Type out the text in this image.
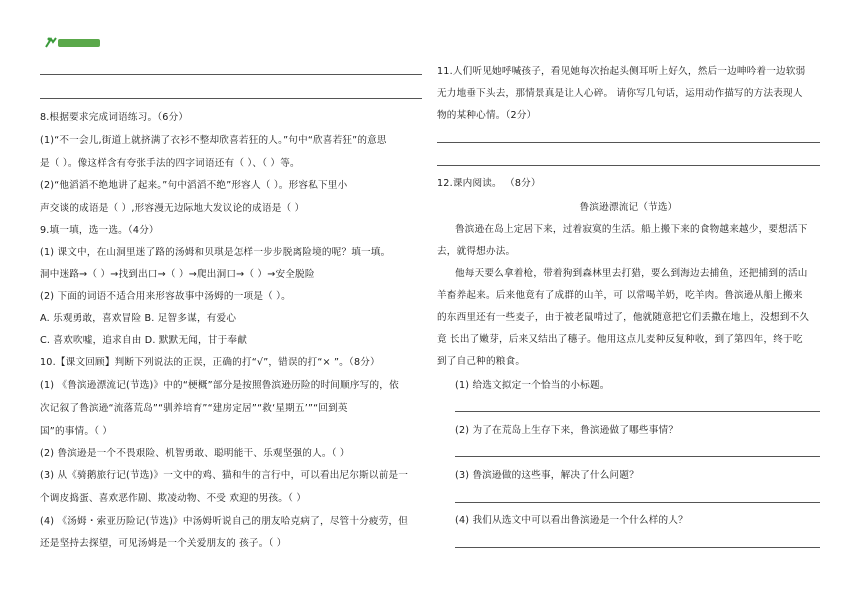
8.根据要求完成词语练习。（6分）
(1)“不一会儿,街道上就挤满了衣衫不整却欣喜若狂的人。”句中“欣喜若狂”的意思
是（ ）。像这样含有夸张手法的四字词语还有（ ）、（ ）等。
(2)“他滔滔不绝地讲了起来。”句中滔滔不绝”形容人（ ）。形容私下里小
声交谈的成语是（ ）,形容漫无边际地大发议论的成语是（ ）
9.填一填，选一选。（4分）
(1) 课文中，在山洞里迷了路的汤姆和贝琪是怎样一步步脱离险境的呢？填一填。
洞中迷路→（ ）→找到出口→（ ）→爬出洞口→（ ）→安全脱险
(2) 下面的词语不适合用来形容故事中汤姆的一项是（ ）。
A. 乐观勇敢，喜欢冒险 B. 足智多谋，有爱心
C. 喜欢吹嘘，追求自由 D. 默默无闻，甘于奉献
10.【课文回顾】判断下列说法的正误，正确的打“√”，错误的打“× ”。（8分）
(1) 《鲁滨逊漂流记(节选)》中的“梗概”部分是按照鲁滨逊历险的时间顺序写的，依
次记叙了鲁滨逊“流落荒岛”“驯养培育”“建房定居”“救‘星期五’”“回到英
国”的事情。（ ）
(2) 鲁滨逊是一个不畏艰险、机智勇敢、聪明能干、乐观坚强的人。（ ）
(3) 从《骑鹅旅行记(节选)》一文中的鸡、猫和牛的言行中，可以看出尼尔斯以前是一
个调皮捣蛋、喜欢恶作剧、欺凌动物、不受 欢迎的男孩。（ ）
(4) 《汤姆・索亚历险记(节选)》中汤姆听说自己的朋友哈克病了，尽管十分疲劳，但
还是坚持去探望，可见汤姆是一个关爱朋友的 孩子。（ ）
11.人们听见她呼喊孩子，看见她每次抬起头侧耳听上好久，然后一边呻吟着一边软弱
无力地垂下头去，那情景真是让人心碎。 请你写几句话，运用动作描写的方法表现人
物的某种心情。（2分）
12.课内阅读。 （8分）
鲁滨逊漂流记（节选）
鲁滨逊在岛上定居下来，过着寂寞的生活。船上搬下来的食物越来越少，要想活下
去，就得想办法。
他每天要么拿着枪，带着狗到森林里去打猎，要么到海边去捕鱼，还把捕到的活山
羊畜养起来。后来他竟有了成群的山羊，可 以常喝羊奶，吃羊肉。鲁滨逊从船上搬来
的东西里还有一些麦子，由于被老鼠啃过了，他就随意把它们丢撒在地上，没想到不久
竟 长出了嫩芽，后来又结出了穗子。他用这点儿麦种反复种收，到了第四年，终于吃
到了自己种的粮食。
(1) 给选文拟定一个恰当的小标题。
(2) 为了在荒岛上生存下来，鲁滨逊做了哪些事情？
(3) 鲁滨逊做的这些事，解决了什么问题？
(4) 我们从选文中可以看出鲁滨逊是一个什么样的人？
